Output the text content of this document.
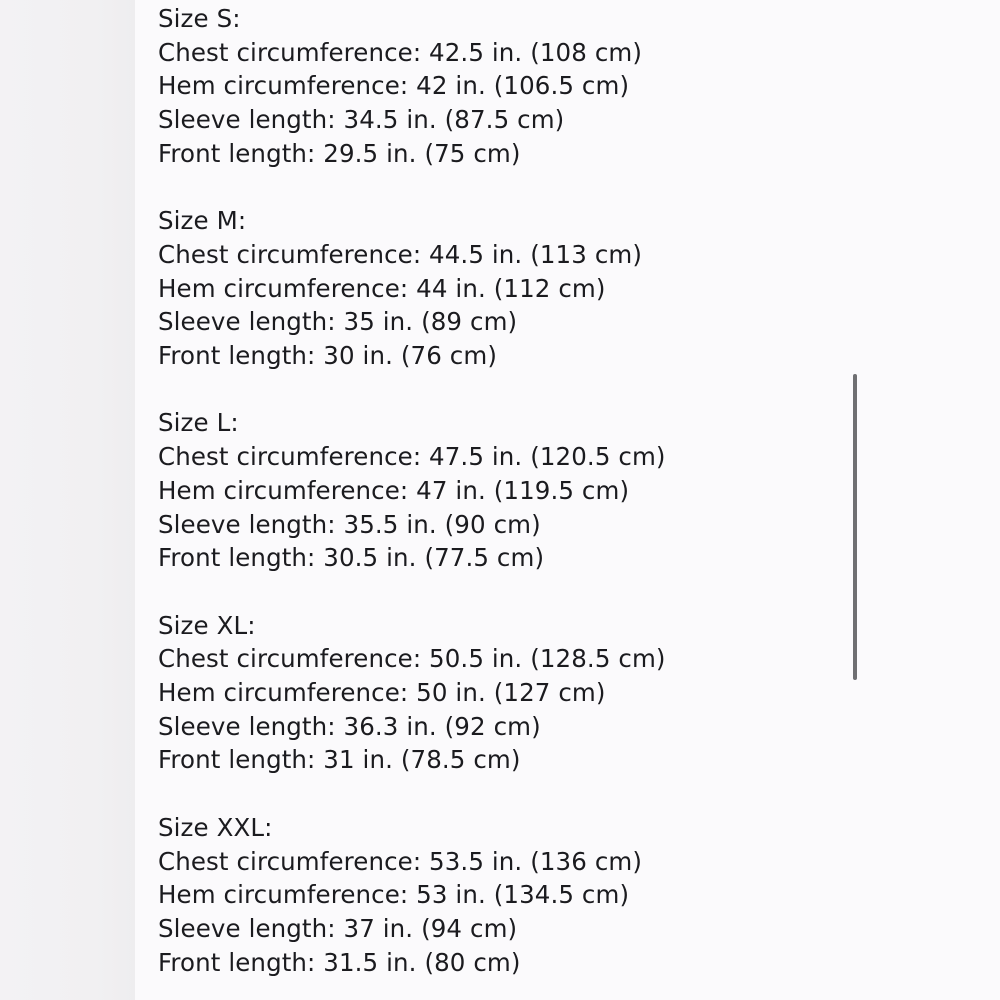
Size S:
Chest circumference: 42.5 in. (108 cm)
Hem circumference: 42 in. (106.5 cm)
Sleeve length: 34.5 in. (87.5 cm)
Front length: 29.5 in. (75 cm)
Size M:
Chest circumference: 44.5 in. (113 cm)
Hem circumference: 44 in. (112 cm)
Sleeve length: 35 in. (89 cm)
Front length: 30 in. (76 cm)
Size L:
Chest circumference: 47.5 in. (120.5 cm)
Hem circumference: 47 in. (119.5 cm)
Sleeve length: 35.5 in. (90 cm)
Front length: 30.5 in. (77.5 cm)
Size XL:
Chest circumference: 50.5 in. (128.5 cm)
Hem circumference: 50 in. (127 cm)
Sleeve length: 36.3 in. (92 cm)
Front length: 31 in. (78.5 cm)
Size XXL:
Chest circumference: 53.5 in. (136 cm)
Hem circumference: 53 in. (134.5 cm)
Sleeve length: 37 in. (94 cm)
Front length: 31.5 in. (80 cm)
